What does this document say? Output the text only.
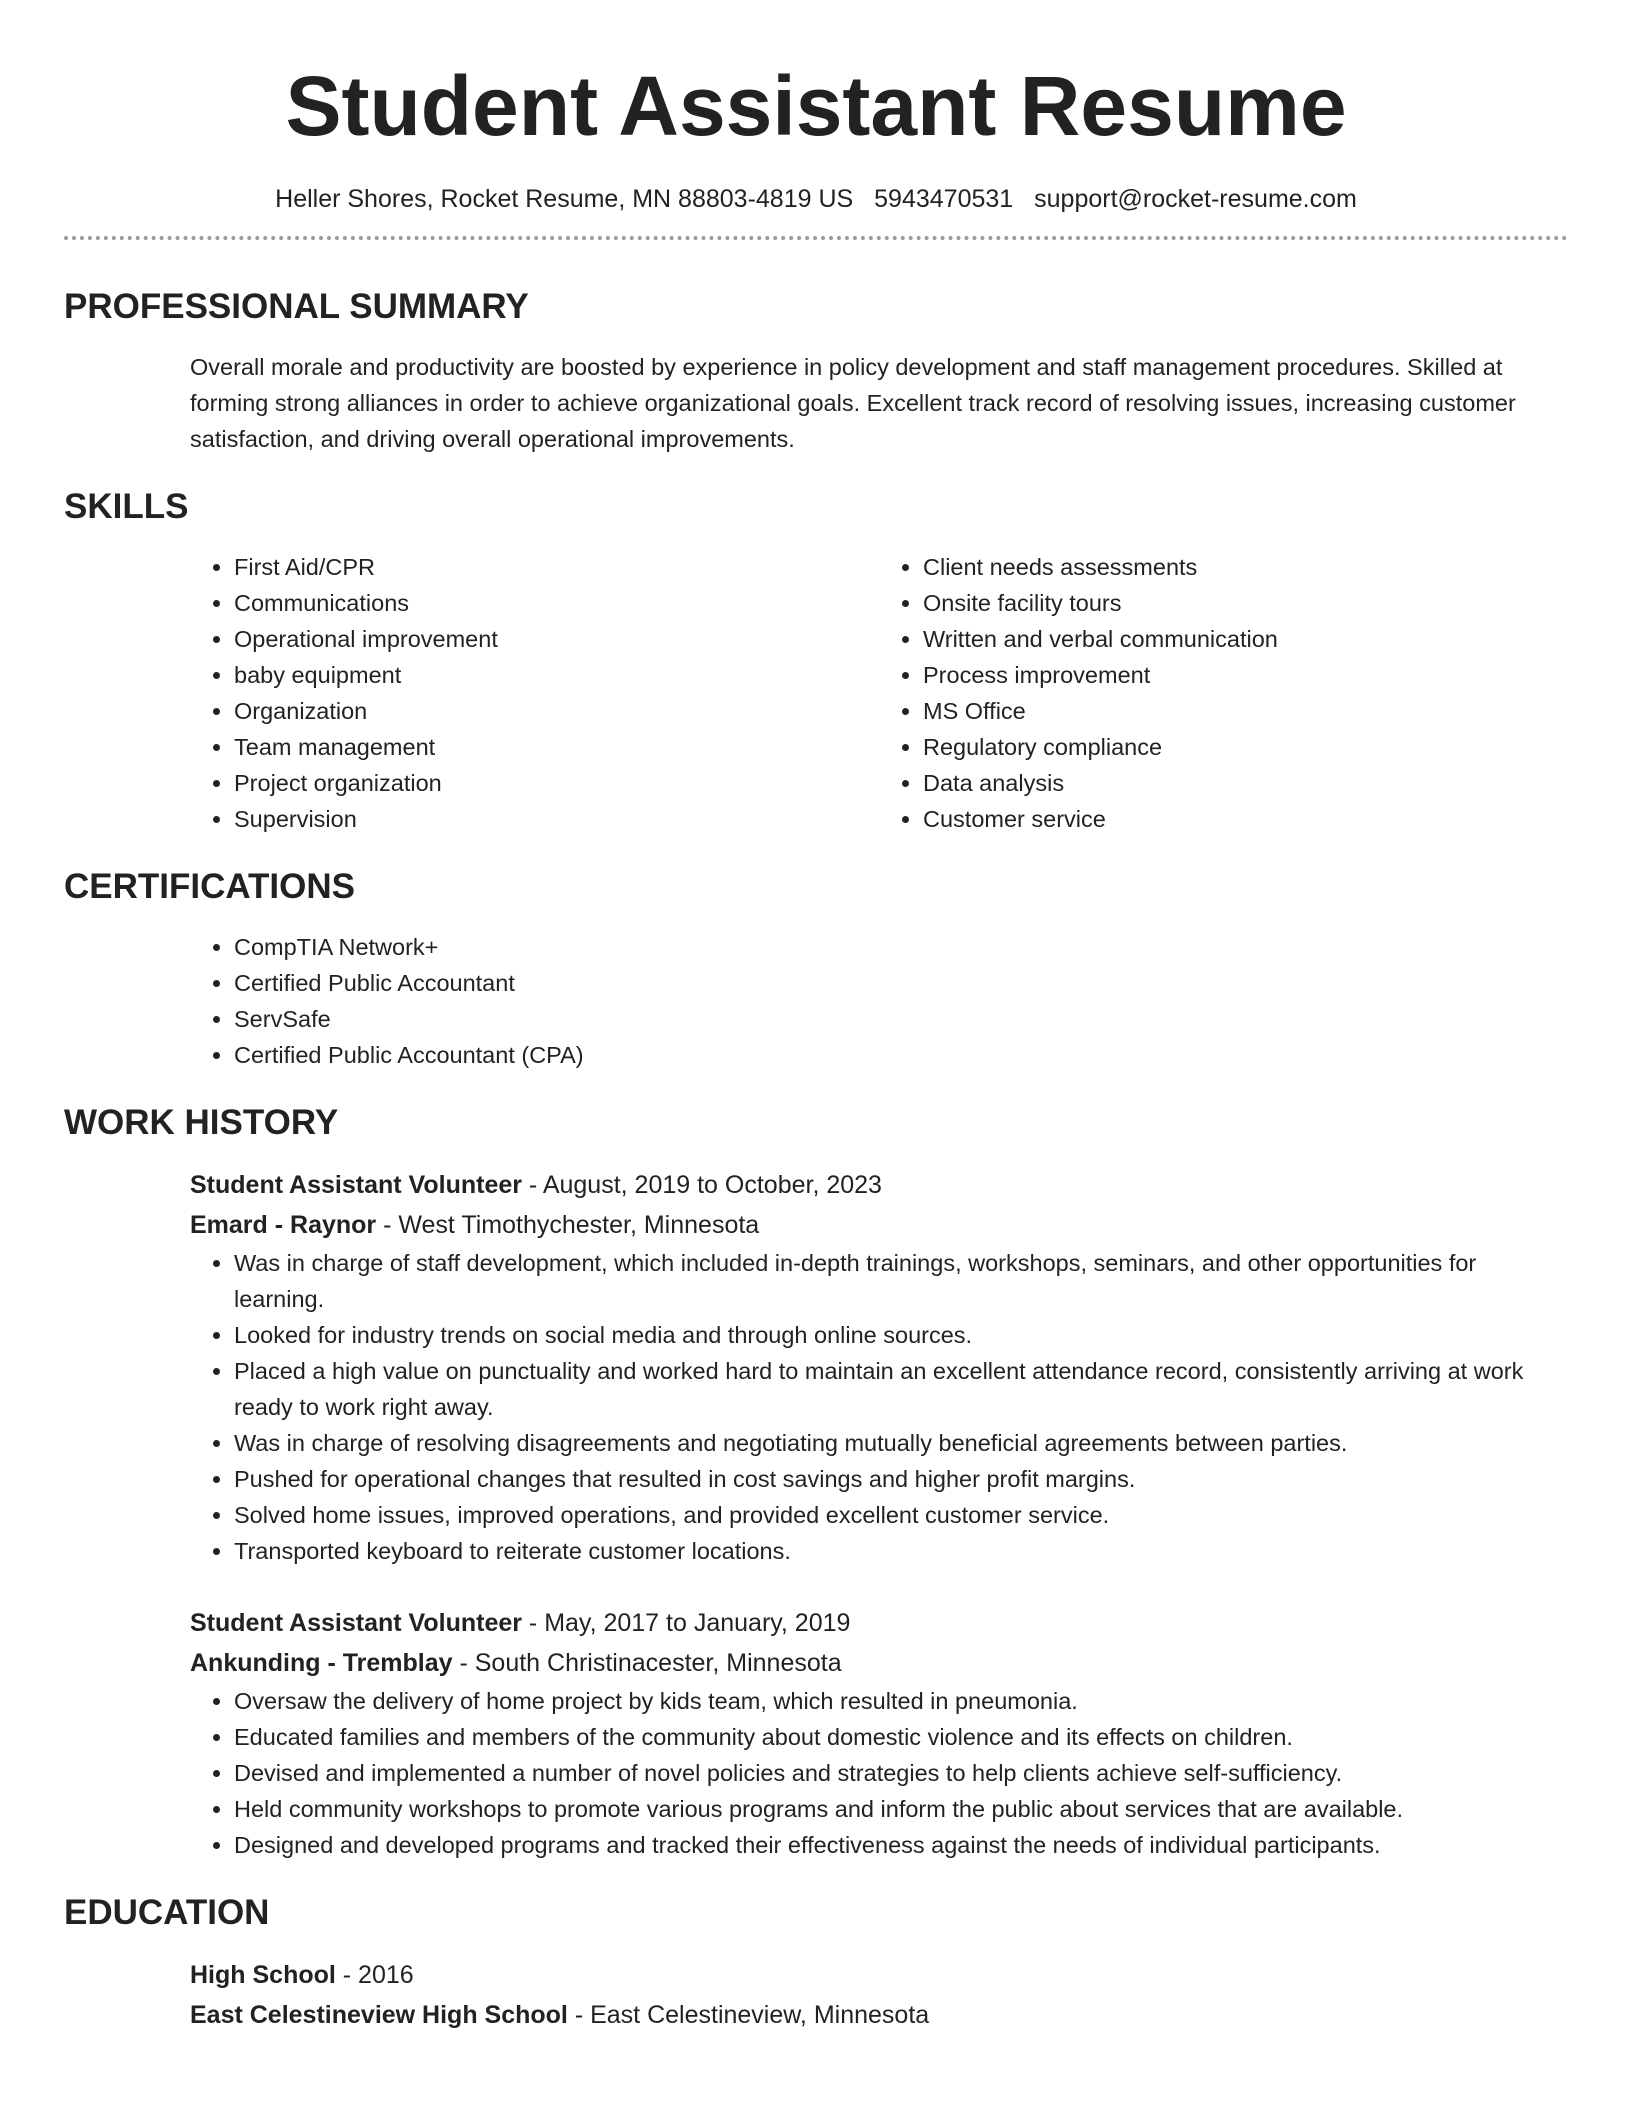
Student Assistant Resume
Heller Shores, Rocket Resume, MN 88803-4819 US 5943470531 support@rocket-resume.com
PROFESSIONAL SUMMARY
Overall morale and productivity are boosted by experience in policy development and staff management procedures. Skilled at forming strong alliances in order to achieve organizational goals. Excellent track record of resolving issues, increasing customer satisfaction, and driving overall operational improvements.
SKILLS
• First Aid/CPR
• Communications
• Operational improvement
• baby equipment
• Organization
• Team management
• Project organization
• Supervision
• Client needs assessments
• Onsite facility tours
• Written and verbal communication
• Process improvement
• MS Office
• Regulatory compliance
• Data analysis
• Customer service
CERTIFICATIONS
• CompTIA Network+
• Certified Public Accountant
• ServSafe
• Certified Public Accountant (CPA)
WORK HISTORY
Student Assistant Volunteer - August, 2019 to October, 2023
Emard - Raynor - West Timothychester, Minnesota
• Was in charge of staff development, which included in-depth trainings, workshops, seminars, and other opportunities for learning.
• Looked for industry trends on social media and through online sources.
• Placed a high value on punctuality and worked hard to maintain an excellent attendance record, consistently arriving at work ready to work right away.
• Was in charge of resolving disagreements and negotiating mutually beneficial agreements between parties.
• Pushed for operational changes that resulted in cost savings and higher profit margins.
• Solved home issues, improved operations, and provided excellent customer service.
• Transported keyboard to reiterate customer locations.
Student Assistant Volunteer - May, 2017 to January, 2019
Ankunding - Tremblay - South Christinacester, Minnesota
• Oversaw the delivery of home project by kids team, which resulted in pneumonia.
• Educated families and members of the community about domestic violence and its effects on children.
• Devised and implemented a number of novel policies and strategies to help clients achieve self-sufficiency.
• Held community workshops to promote various programs and inform the public about services that are available.
• Designed and developed programs and tracked their effectiveness against the needs of individual participants.
EDUCATION
High School - 2016
East Celestineview High School - East Celestineview, Minnesota
